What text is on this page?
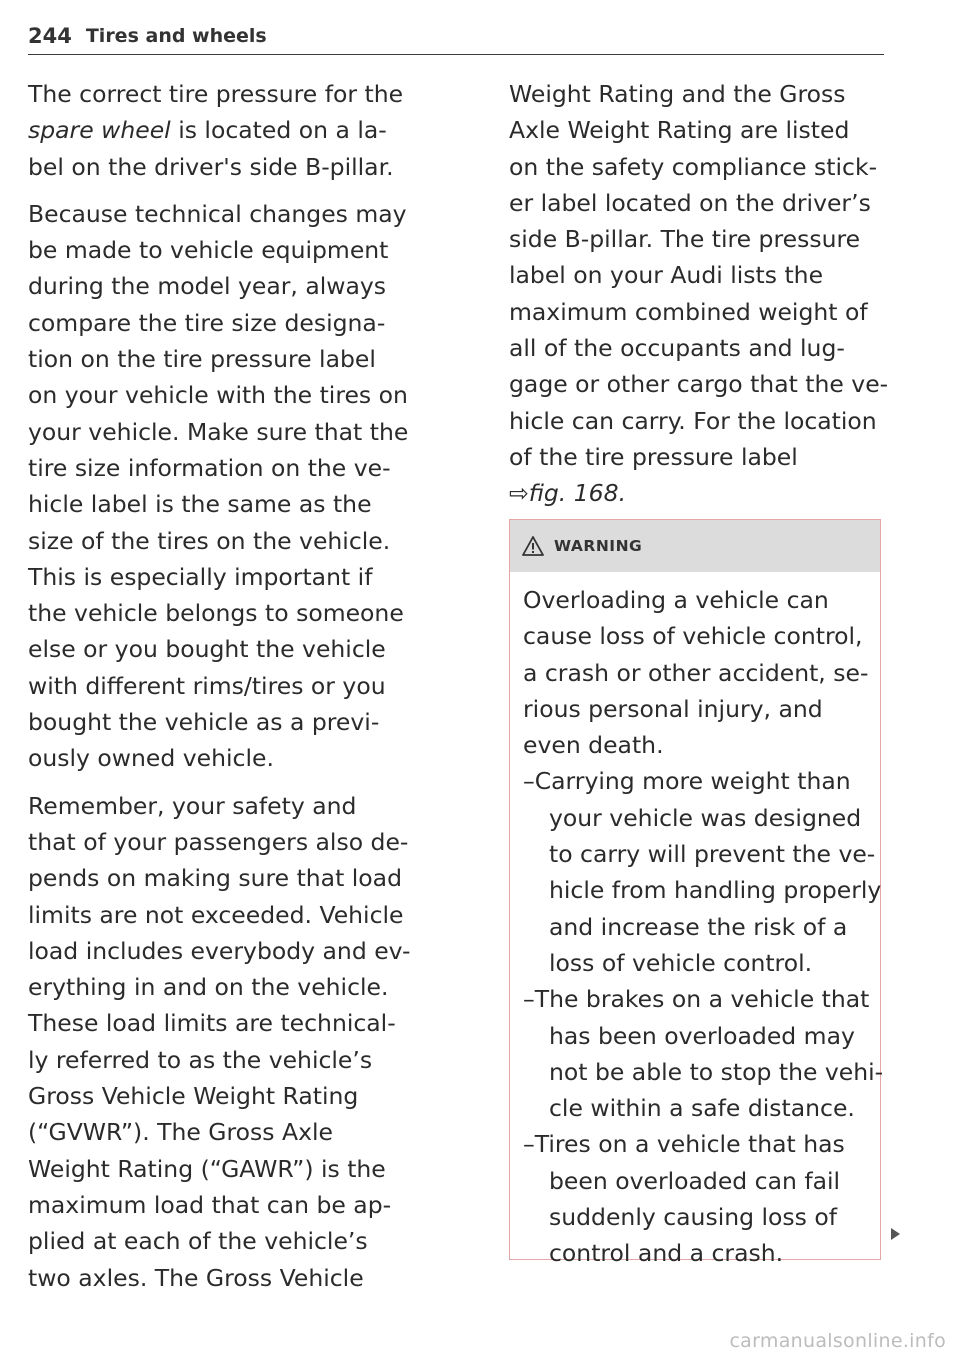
244 Tires and wheels
The correct tire pressure for the
spare wheel is located on a la-
bel on the driver's side B-pillar.
Because technical changes may
be made to vehicle equipment
during the model year, always
compare the tire size designa-
tion on the tire pressure label
on your vehicle with the tires on
your vehicle. Make sure that the
tire size information on the ve-
hicle label is the same as the
size of the tires on the vehicle.
This is especially important if
the vehicle belongs to someone
else or you bought the vehicle
with different rims/tires or you
bought the vehicle as a previ-
ously owned vehicle.
Remember, your safety and
that of your passengers also de-
pends on making sure that load
limits are not exceeded. Vehicle
load includes everybody and ev-
erything in and on the vehicle.
These load limits are technical-
ly referred to as the vehicle’s
Gross Vehicle Weight Rating
(“GVWR”). The Gross Axle
Weight Rating (“GAWR”) is the
maximum load that can be ap-
plied at each of the vehicle’s
two axles. The Gross Vehicle
Weight Rating and the Gross
Axle Weight Rating are listed
on the safety compliance stick-
er label located on the driver’s
side B-pillar. The tire pressure
label on your Audi lists the
maximum combined weight of
all of the occupants and lug-
gage or other cargo that the ve-
hicle can carry. For the location
of the tire pressure label
⇨fig. 168.
WARNING
Overloading a vehicle can
cause loss of vehicle control,
a crash or other accident, se-
rious personal injury, and
even death.
–Carrying more weight than
your vehicle was designed
to carry will prevent the ve-
hicle from handling properly
and increase the risk of a
loss of vehicle control.
–The brakes on a vehicle that
has been overloaded may
not be able to stop the vehi-
cle within a safe distance.
–Tires on a vehicle that has
been overloaded can fail
suddenly causing loss of
control and a crash.
carmanualsonline.info
